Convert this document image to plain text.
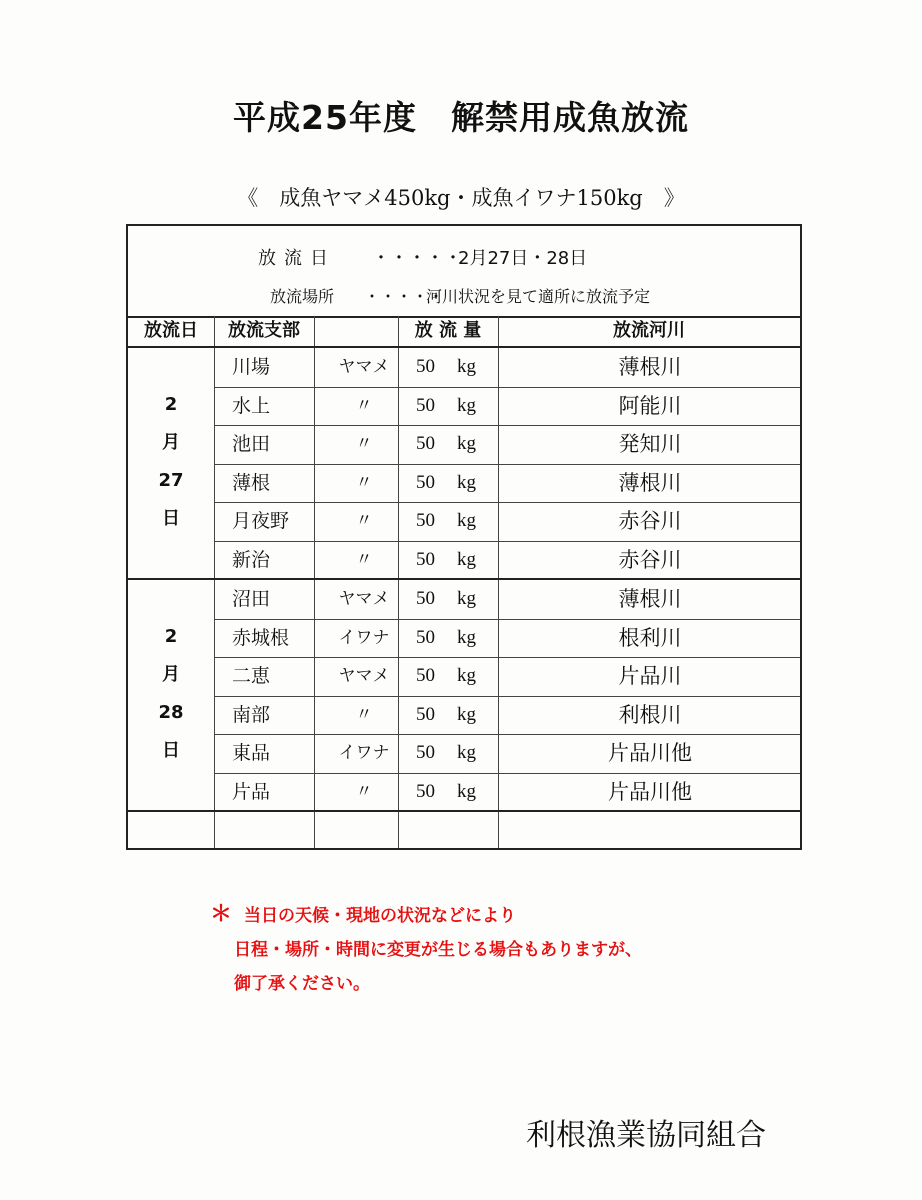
平成25年度　解禁用成魚放流
《　成魚ヤマメ450kg・成魚イワナ150kg　》
放流日 ・・・・・
2月27日・28日
放流場所 ・・・・・
河川状況を見て適所に放流予定
放流日	放流支部	放 流 量	放流河川
2
月
27
日
川場	ヤマメ	50 kg	薄根川
水上	〃	50 kg	阿能川
池田	〃	50 kg	発知川
薄根	〃	50 kg	薄根川
月夜野	〃	50 kg	赤谷川
新治	〃	50 kg	赤谷川
2
月
28
日
沼田	ヤマメ	50 kg	薄根川
赤城根	イワナ	50 kg	根利川
二恵	ヤマメ	50 kg	片品川
南部	〃	50 kg	利根川
東品	イワナ	50 kg	片品川他
片品	〃	50 kg	片品川他
＊ 当日の天候・現地の状況などにより
日程・場所・時間に変更が生じる場合もありますが、
御了承ください。
利根漁業協同組合
